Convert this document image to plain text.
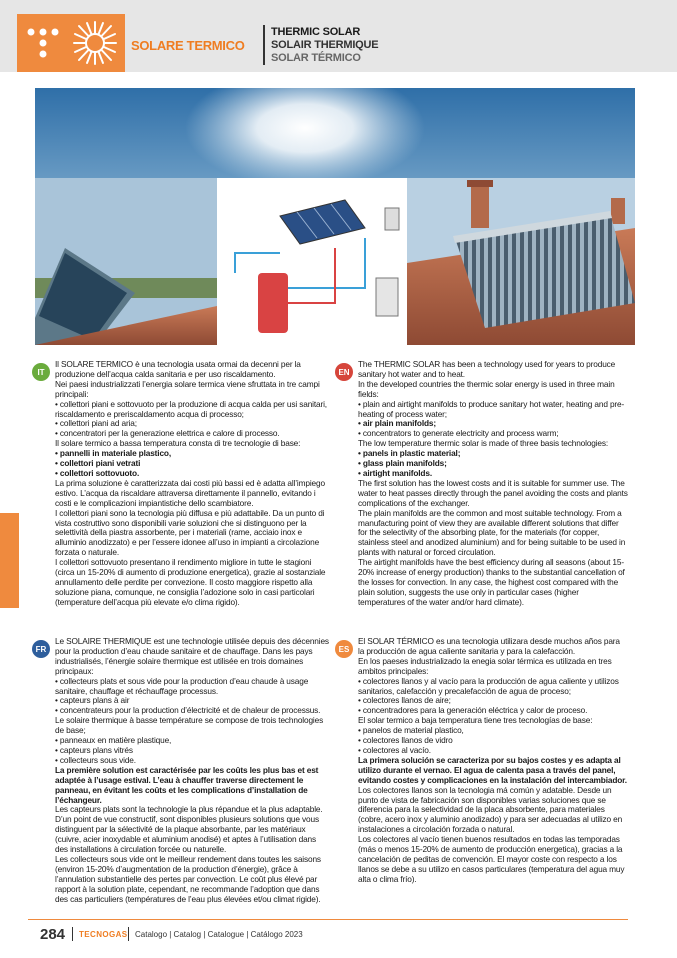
SOLARE TERMICO
THERMIC SOLAR
SOLAIR THERMIQUE
SOLAR TÉRMICO
IT

Il SOLARE TERMICO è una tecnologia usata ormai da decenni per la produzione dell’acqua calda sanitaria e per uso riscaldamento.

Nei paesi industrializzati l’energia solare termica viene sfruttata in tre campi principali:

• collettori piani e sottovuoto per la produzione di acqua calda per usi sanitari, riscaldamento e preriscaldamento acqua di processo;

• collettori piani ad aria;

• concentratori per la generazione elettrica e calore di processo.

Il solare termico a bassa temperatura consta di tre tecnologie di base:

• pannelli in materiale plastico,

• collettori piani vetrati

• collettori sottovuoto.

La prima soluzione è caratterizzata dai costi più bassi ed è adatta all’impiego estivo. L’acqua da riscaldare attraversa direttamente il pannello, evitando i costi e le complicazioni impiantistiche dello scambiatore.

I collettori piani sono la tecnologia più diffusa e più adattabile. Da un punto di vista costruttivo sono disponibili varie soluzioni che si distinguono per la selettività della piastra assorbente, per i materiali (rame, acciaio inox e alluminio anodizzato) e per l’essere idonee all’uso in impianti a circolazione forzata o naturale.

I collettori sottovuoto presentano il rendimento migliore in tutte le stagioni (circa un 15-20% di aumento di produzione energetica), grazie al sostanziale annullamento delle perdite per convezione. Il costo maggiore rispetto alla soluzione piana, comunque, ne consiglia l’adozione solo in casi particolari (temperature dell’acqua più elevate e/o clima rigido).

EN

The THERMIC SOLAR has been a technology used for years to produce sanitary hot water and to heat.

In the developed countries the thermic solar energy is used in three main fields:

• plain and airtight manifolds to produce sanitary hot water, heating and pre-heating of process water;

• air plain manifolds;

• concentrators to generate electricity and process warm;

The low temperature thermic solar is made of three basis technologies:

• panels in plastic material;

• glass plain manifolds;

• airtight manifolds.

The first solution has the lowest costs and it is suitable for summer use. The water to heat passes directly through the panel avoiding the costs and plants complications of the exchanger.

The plain manifolds are the common and most suitable technology. From a manufacturing point of view they are available different solutions that differ for the selectivity of the absorbing plate, for the materials (for copper, stainless steel and anodized aluminium) and for being suitable to be used in plants with natural or forced circulation.

The airtight manifolds have the best efficiency during all seasons (about 15-20% increase of energy production) thanks to the substantial cancellation of the losses for convection. In any case, the highest cost compared with the plain solution, suggests the use only in particular cases (higher temperatures of the water and/or hard climate).

FR

Le SOLAIRE THERMIQUE est une technologie utilisée depuis des décennies pour la production d’eau chaude sanitaire et de chauffage. Dans les pays industrialisés, l’énergie solaire thermique est utilisée en trois domaines principaux:

• collecteurs plats et sous vide pour la production d’eau chaude à usage sanitaire, chauffage et réchauffage processus.

• capteurs plans à air

• concentrateurs pour la production d’électricité et de chaleur de processus.

Le solaire thermique à basse température se compose de trois technologies de base;

• panneaux en matière plastique,

• capteurs plans vitrés

• collecteurs sous vide.

La première solution est caractérisée par les coûts les plus bas et est adaptée à l’usage estival. L’eau à chauffer traverse directement le panneau, en évitant les coûts et les complications d’installation de l’échangeur.

Les capteurs plats sont la technologie la plus répandue et la plus adaptable. D’un point de vue constructif, sont disponibles plusieurs solutions que vous distinguent par la sélectivité de la plaque absorbante, par les matériaux (cuivre, acier inoxydable et aluminium anodisé) et aptes à l’utilisation dans des installations à circulation forcée ou naturelle.

Les collecteurs sous vide ont le meilleur rendement dans toutes les saisons (environ 15-20% d’augmentation de la production d’énergie), grâce à l’annulation substantielle des pertes par convection. Le coût plus élevé par rapport à la solution plate, cependant, ne recommande l’adoption que dans des cas particuliers (températures de l’eau plus élevées et/ou climat rigide).

ES

El SOLAR TÉRMICO es una tecnologia utilizara desde muchos años para la producción de agua caliente sanitaria y para la calefacción.

En los paeses industrializado la enegia solar térmica es utilizada en tres ambitos principales:

• colectores llanos y al vacío para la producción de agua caliente y utilizos sanitarios, calefacción y precalefacción de agua de proceso;

• colectores llanos de aire;

• concentradores para la generación eléctrica y calor de proceso.

El solar termico a baja temperatura tiene tres tecnologías de base:

• panelos de material plastico,

• colectores llanos de vidro

• colectores al vacío.

La primera solución se caracteriza por su bajos costes y es adapta al utilizo durante el vernao. El agua de calenta pasa a través del panel, evitando costes y complicaciones en la instalación del intercambiador.

Los colectores llanos son la tecnologia má común y adatable. Desde un punto de vista de fabricación son disponibles varias soluciones que se diferencia para la selectividad de la placa absorbente, para materiales (cobre, acero inox y aluminio anodizado) y para ser adecuadas al utilizo en instalaciones a circolación forzada o natural.

Los colectores al vacío tienen buenos resultados en todas las temporadas (más o menos 15-20% de aumento de producción energetica), gracias a la cancelación de peditas de convención. El mayor coste con respecto a los llanos se debe a su utilizo en casos particulares (temperatura del agua muy alta o clima frío).

284 TECNOGAS Catalogo | Catalog | Catalogue | Catálogo 2023
